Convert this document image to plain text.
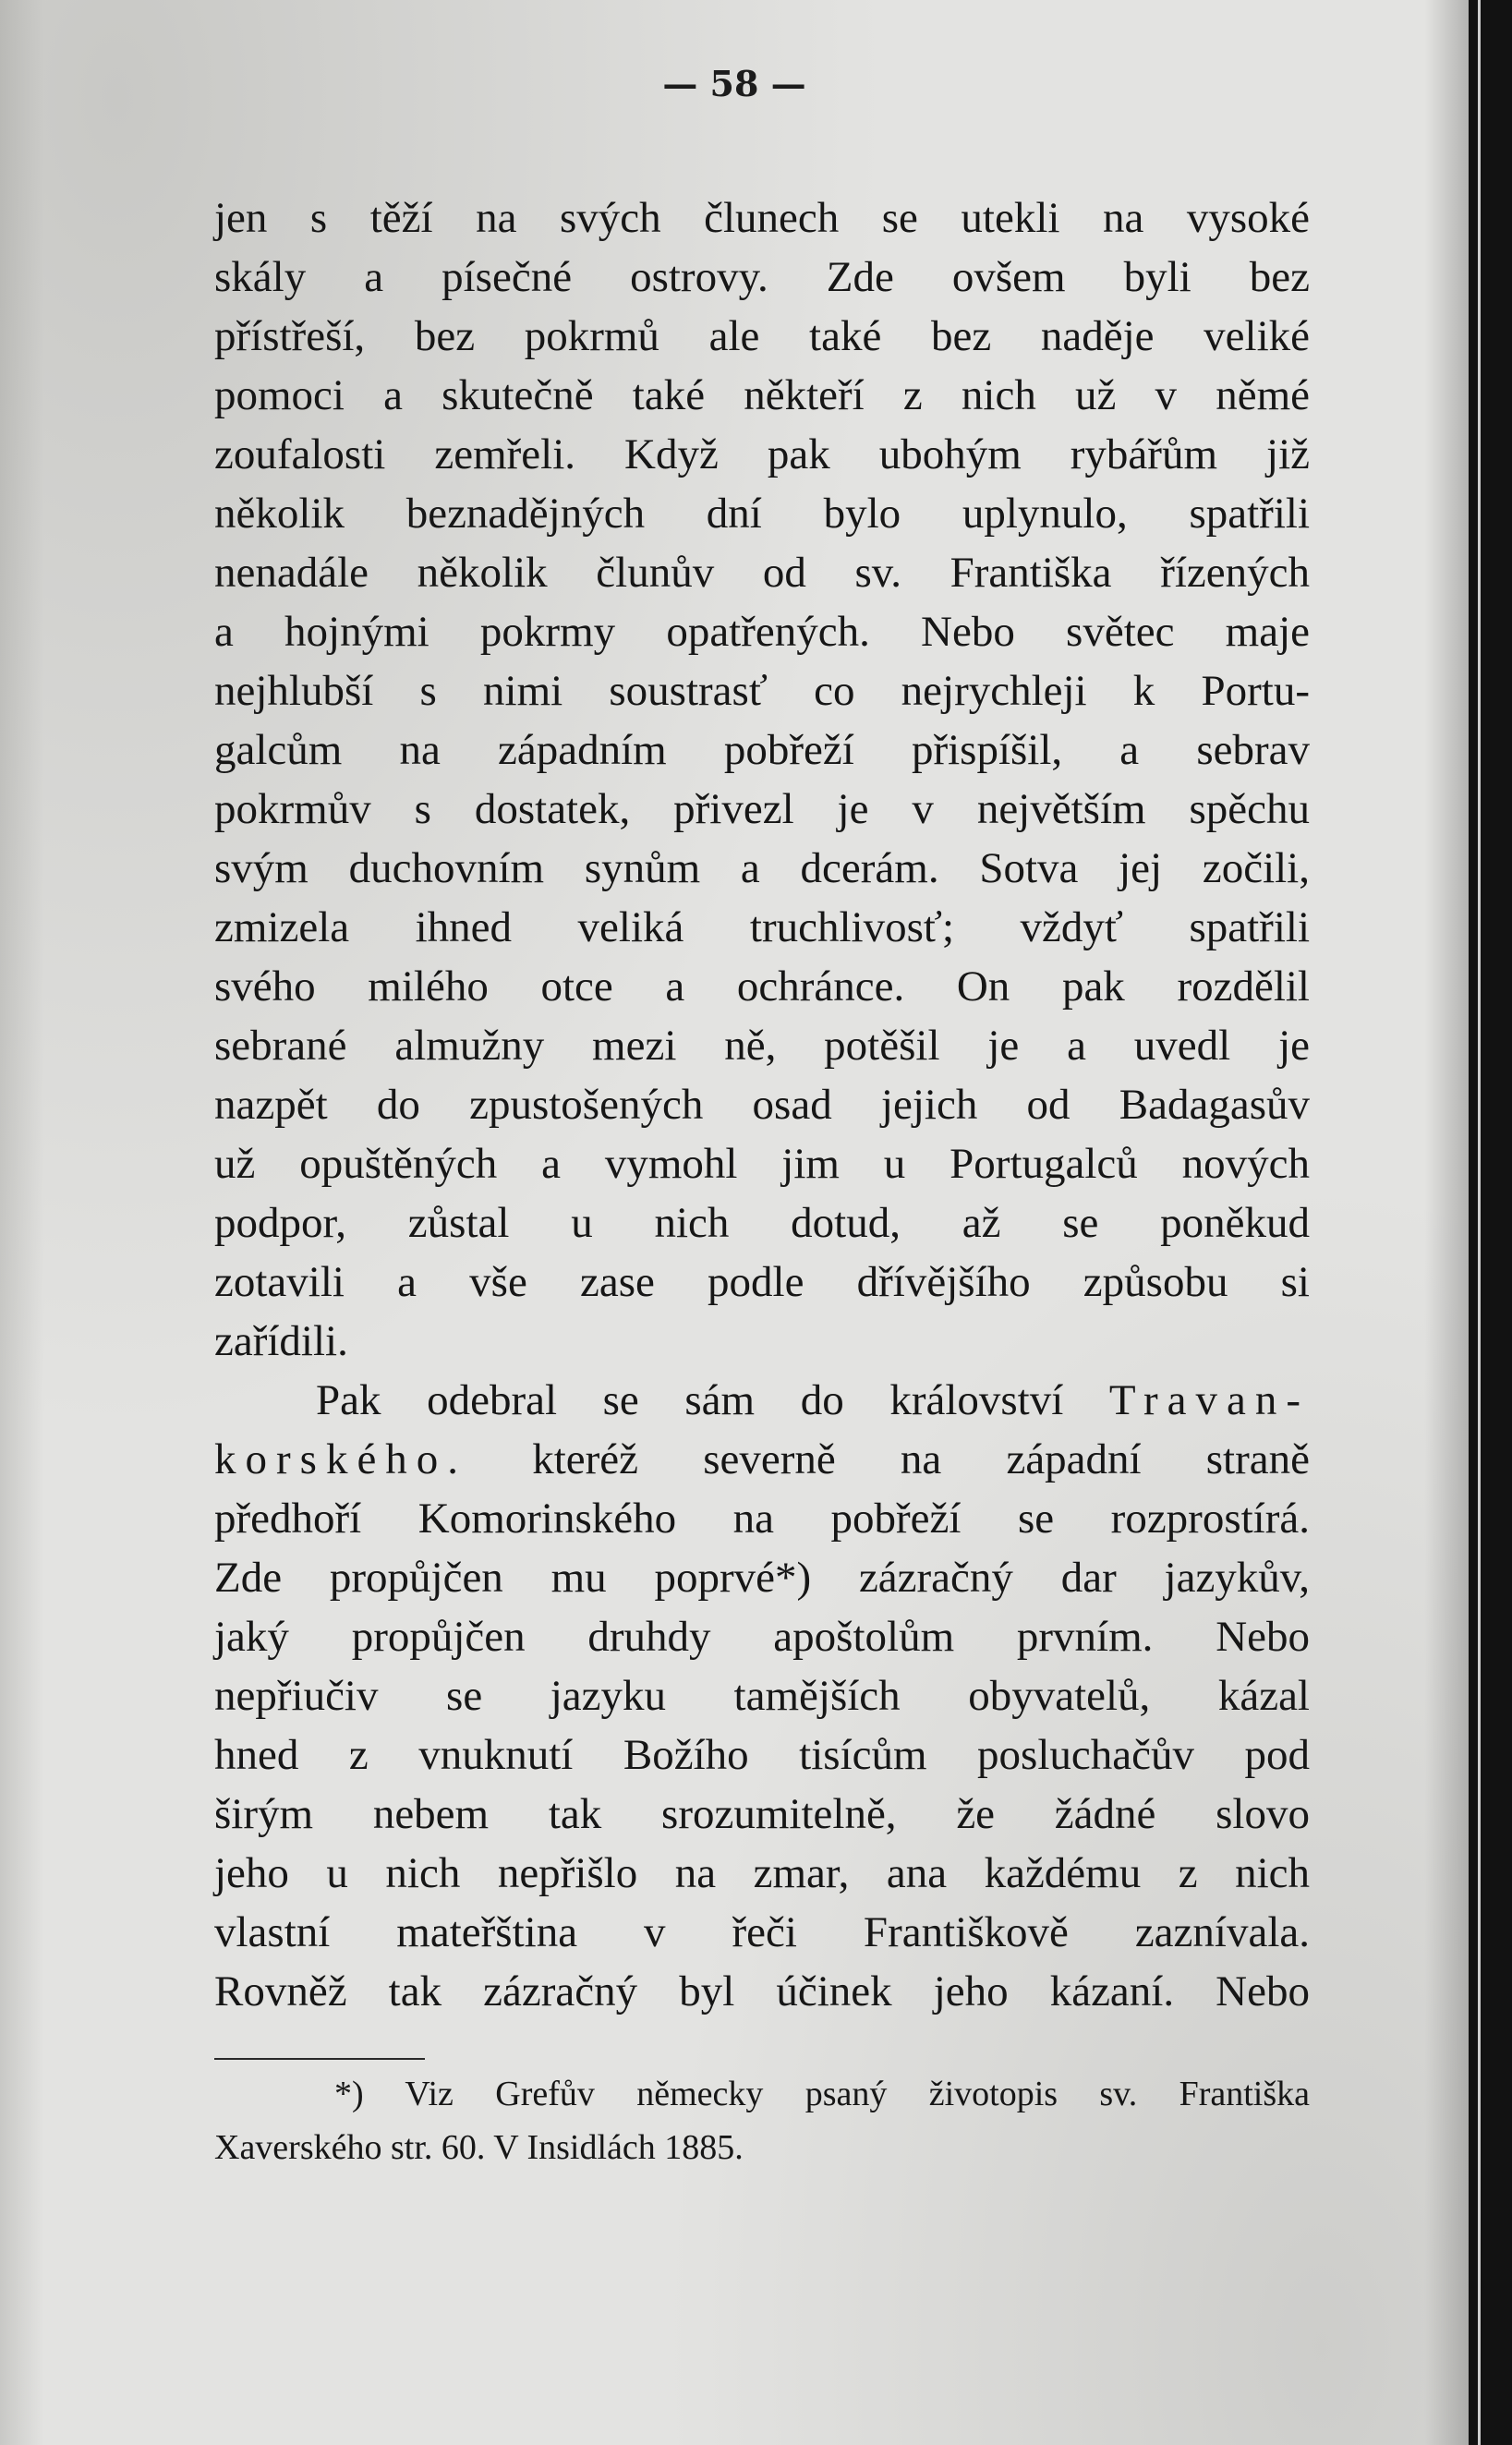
— 58 —
jen s těží na svých člunech se utekli na vysoké
skály a písečné ostrovy. Zde ovšem byli bez
přístřeší, bez pokrmů ale také bez naděje veliké
pomoci a skutečně také někteří z nich už v němé
zoufalosti zemřeli. Když pak ubohým rybářům již
několik beznadějných dní bylo uplynulo, spatřili
nenadále několik člunův od sv. Františka řízených
a hojnými pokrmy opatřených. Nebo světec maje
nejhlubší s nimi soustrasť co nejrychleji k Portu-
galcům na západním pobřeží přispíšil, a sebrav
pokrmův s dostatek, přivezl je v největším spěchu
svým duchovním synům a dcerám. Sotva jej zočili,
zmizela ihned veliká truchlivosť; vždyť spatřili
svého milého otce a ochránce. On pak rozdělil
sebrané almužny mezi ně, potěšil je a uvedl je
nazpět do zpustošených osad jejich od Badagasův
už opuštěných a vymohl jim u Portugalců nových
podpor, zůstal u nich dotud, až se poněkud
zotavili a vše zase podle dřívějšího způsobu si
zařídili.
Pak odebral se sám do království Travan-
korského. kteréž severně na západní straně
předhoří Komorinského na pobřeží se rozprostírá.
Zde propůjčen mu poprvé*) zázračný dar jazykův,
jaký propůjčen druhdy apoštolům prvním. Nebo
nepřiučiv se jazyku tamějších obyvatelů, kázal
hned z vnuknutí Božího tisícům posluchačův pod
širým nebem tak srozumitelně, že žádné slovo
jeho u nich nepřišlo na zmar, ana každému z nich
vlastní mateřština v řeči Františkově zaznívala.
Rovněž tak zázračný byl účinek jeho kázaní. Nebo
*) Viz Grefův německy psaný životopis sv. Františka
Xaverského str. 60. V Insidlách 1885.
